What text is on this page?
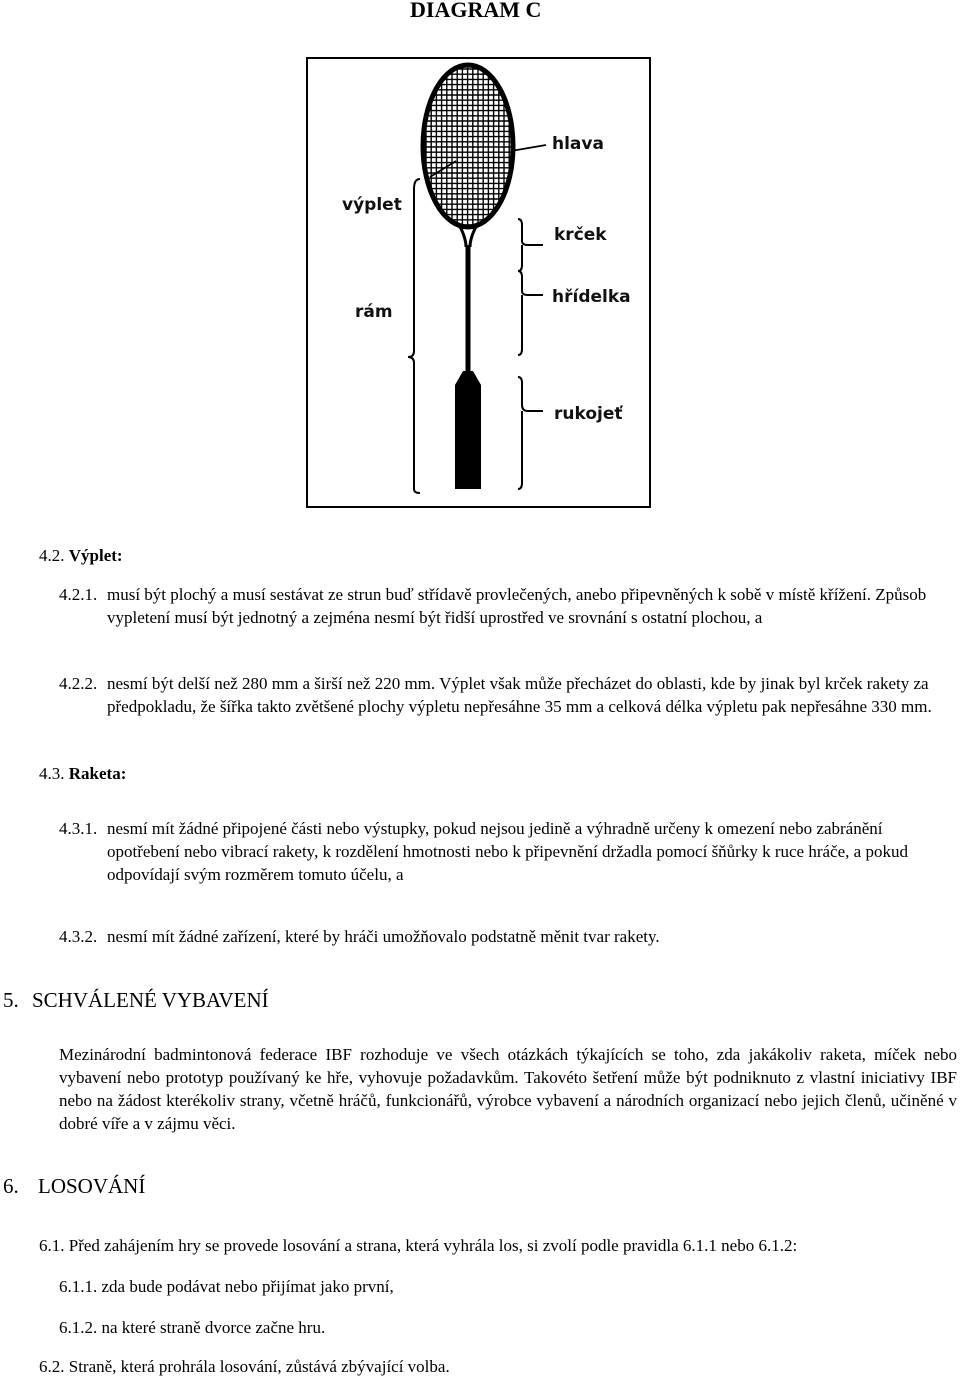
DIAGRAM C
hlava
výplet
krček
hřídelka
rám
rukojeť
4.2. Výplet:
4.2.1. musí být plochý a musí sestávat ze strun buď střídavě provlečených, anebo připevněných k sobě v místě křížení. Způsob vypletení musí být jednotný a zejména nesmí být řidší uprostřed ve srovnání s ostatní plochou, a
4.2.2. nesmí být delší než 280 mm a širší než 220 mm. Výplet však může přecházet do oblasti, kde by jinak byl krček rakety za předpokladu, že šířka takto zvětšené plochy výpletu nepřesáhne 35 mm a celková délka výpletu pak nepřesáhne 330 mm.
4.3. Raketa:
4.3.1. nesmí mít žádné připojené části nebo výstupky, pokud nejsou jedině a výhradně určeny k omezení nebo zabránění opotřebení nebo vibrací rakety, k rozdělení hmotnosti nebo k připevnění držadla pomocí šňůrky k ruce hráče, a pokud odpovídají svým rozměrem tomuto účelu, a
4.3.2. nesmí mít žádné zařízení, které by hráči umožňovalo podstatně měnit tvar rakety.
5. SCHVÁLENÉ VYBAVENÍ
Mezinárodní badmintonová federace IBF rozhoduje ve všech otázkách týkajících se toho, zda jakákoliv raketa, míček nebo vybavení nebo prototyp používaný ke hře, vyhovuje požadavkům. Takovéto šetření může být podniknuto z vlastní iniciativy IBF nebo na žádost kterékoliv strany, včetně hráčů, funkcionářů, výrobce vybavení a národních organizací nebo jejich členů, učiněné v dobré víře a v zájmu věci.
6. LOSOVÁNÍ
6.1. Před zahájením hry se provede losování a strana, která vyhrála los, si zvolí podle pravidla 6.1.1 nebo 6.1.2:
6.1.1. zda bude podávat nebo přijímat jako první,
6.1.2. na které straně dvorce začne hru.
6.2. Straně, která prohrála losování, zůstává zbývající volba.
